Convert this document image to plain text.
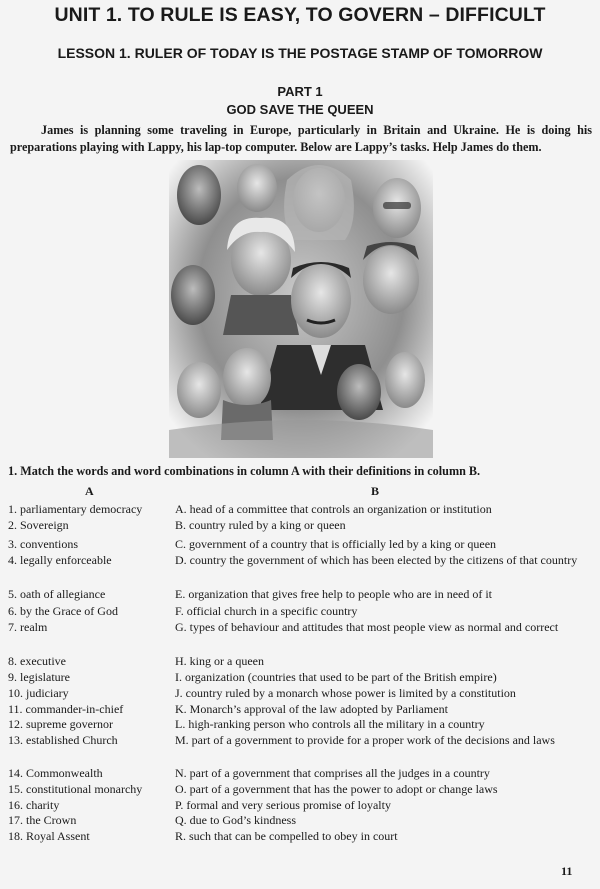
UNIT 1. TO RULE IS EASY, TO GOVERN – DIFFICULT
LESSON 1. RULER OF TODAY IS THE POSTAGE STAMP OF TOMORROW
PART 1
GOD SAVE THE QUEEN
James is planning some traveling in Europe, particularly in Britain and Ukraine. He is doing his preparations playing with Lappy, his lap-top computer. Below are Lappy’s tasks. Help James do them.
1. Match the words and word combinations in column A with their definitions in column B.
A	B
1. parliamentary democracy
2. Sovereign
3. conventions
4. legally enforceable
5. oath of allegiance
6. by the Grace of God
7. realm
8. executive
9. legislature
10. judiciary
11. commander-in-chief
12. supreme governor
13. established Church
14. Commonwealth
15. constitutional monarchy
16. charity
17. the Crown
18. Royal Assent
A. head of a committee that controls an organization or institution
B. country ruled by a king or queen
C. government of a country that is officially led by a king or queen
D. country the government of which has been elected by the citizens of that country
E. organization that gives free help to people who are in need of it
F. official church in a specific country
G. types of behaviour and attitudes that most people view as normal and correct
H. king or a queen
I. organization (countries that used to be part of the British empire)
J. country ruled by a monarch whose power is limited by a constitution
K. Monarch’s approval of the law adopted by Parliament
L. high-ranking person who controls all the military in a country
M. part of a government to provide for a proper work of the decisions and laws
N. part of a government that comprises all the judges in a country
O. part of a government that has the power to adopt or change laws
P. formal and very serious promise of loyalty
Q. due to God’s kindness
R. such that can be compelled to obey in court
11
